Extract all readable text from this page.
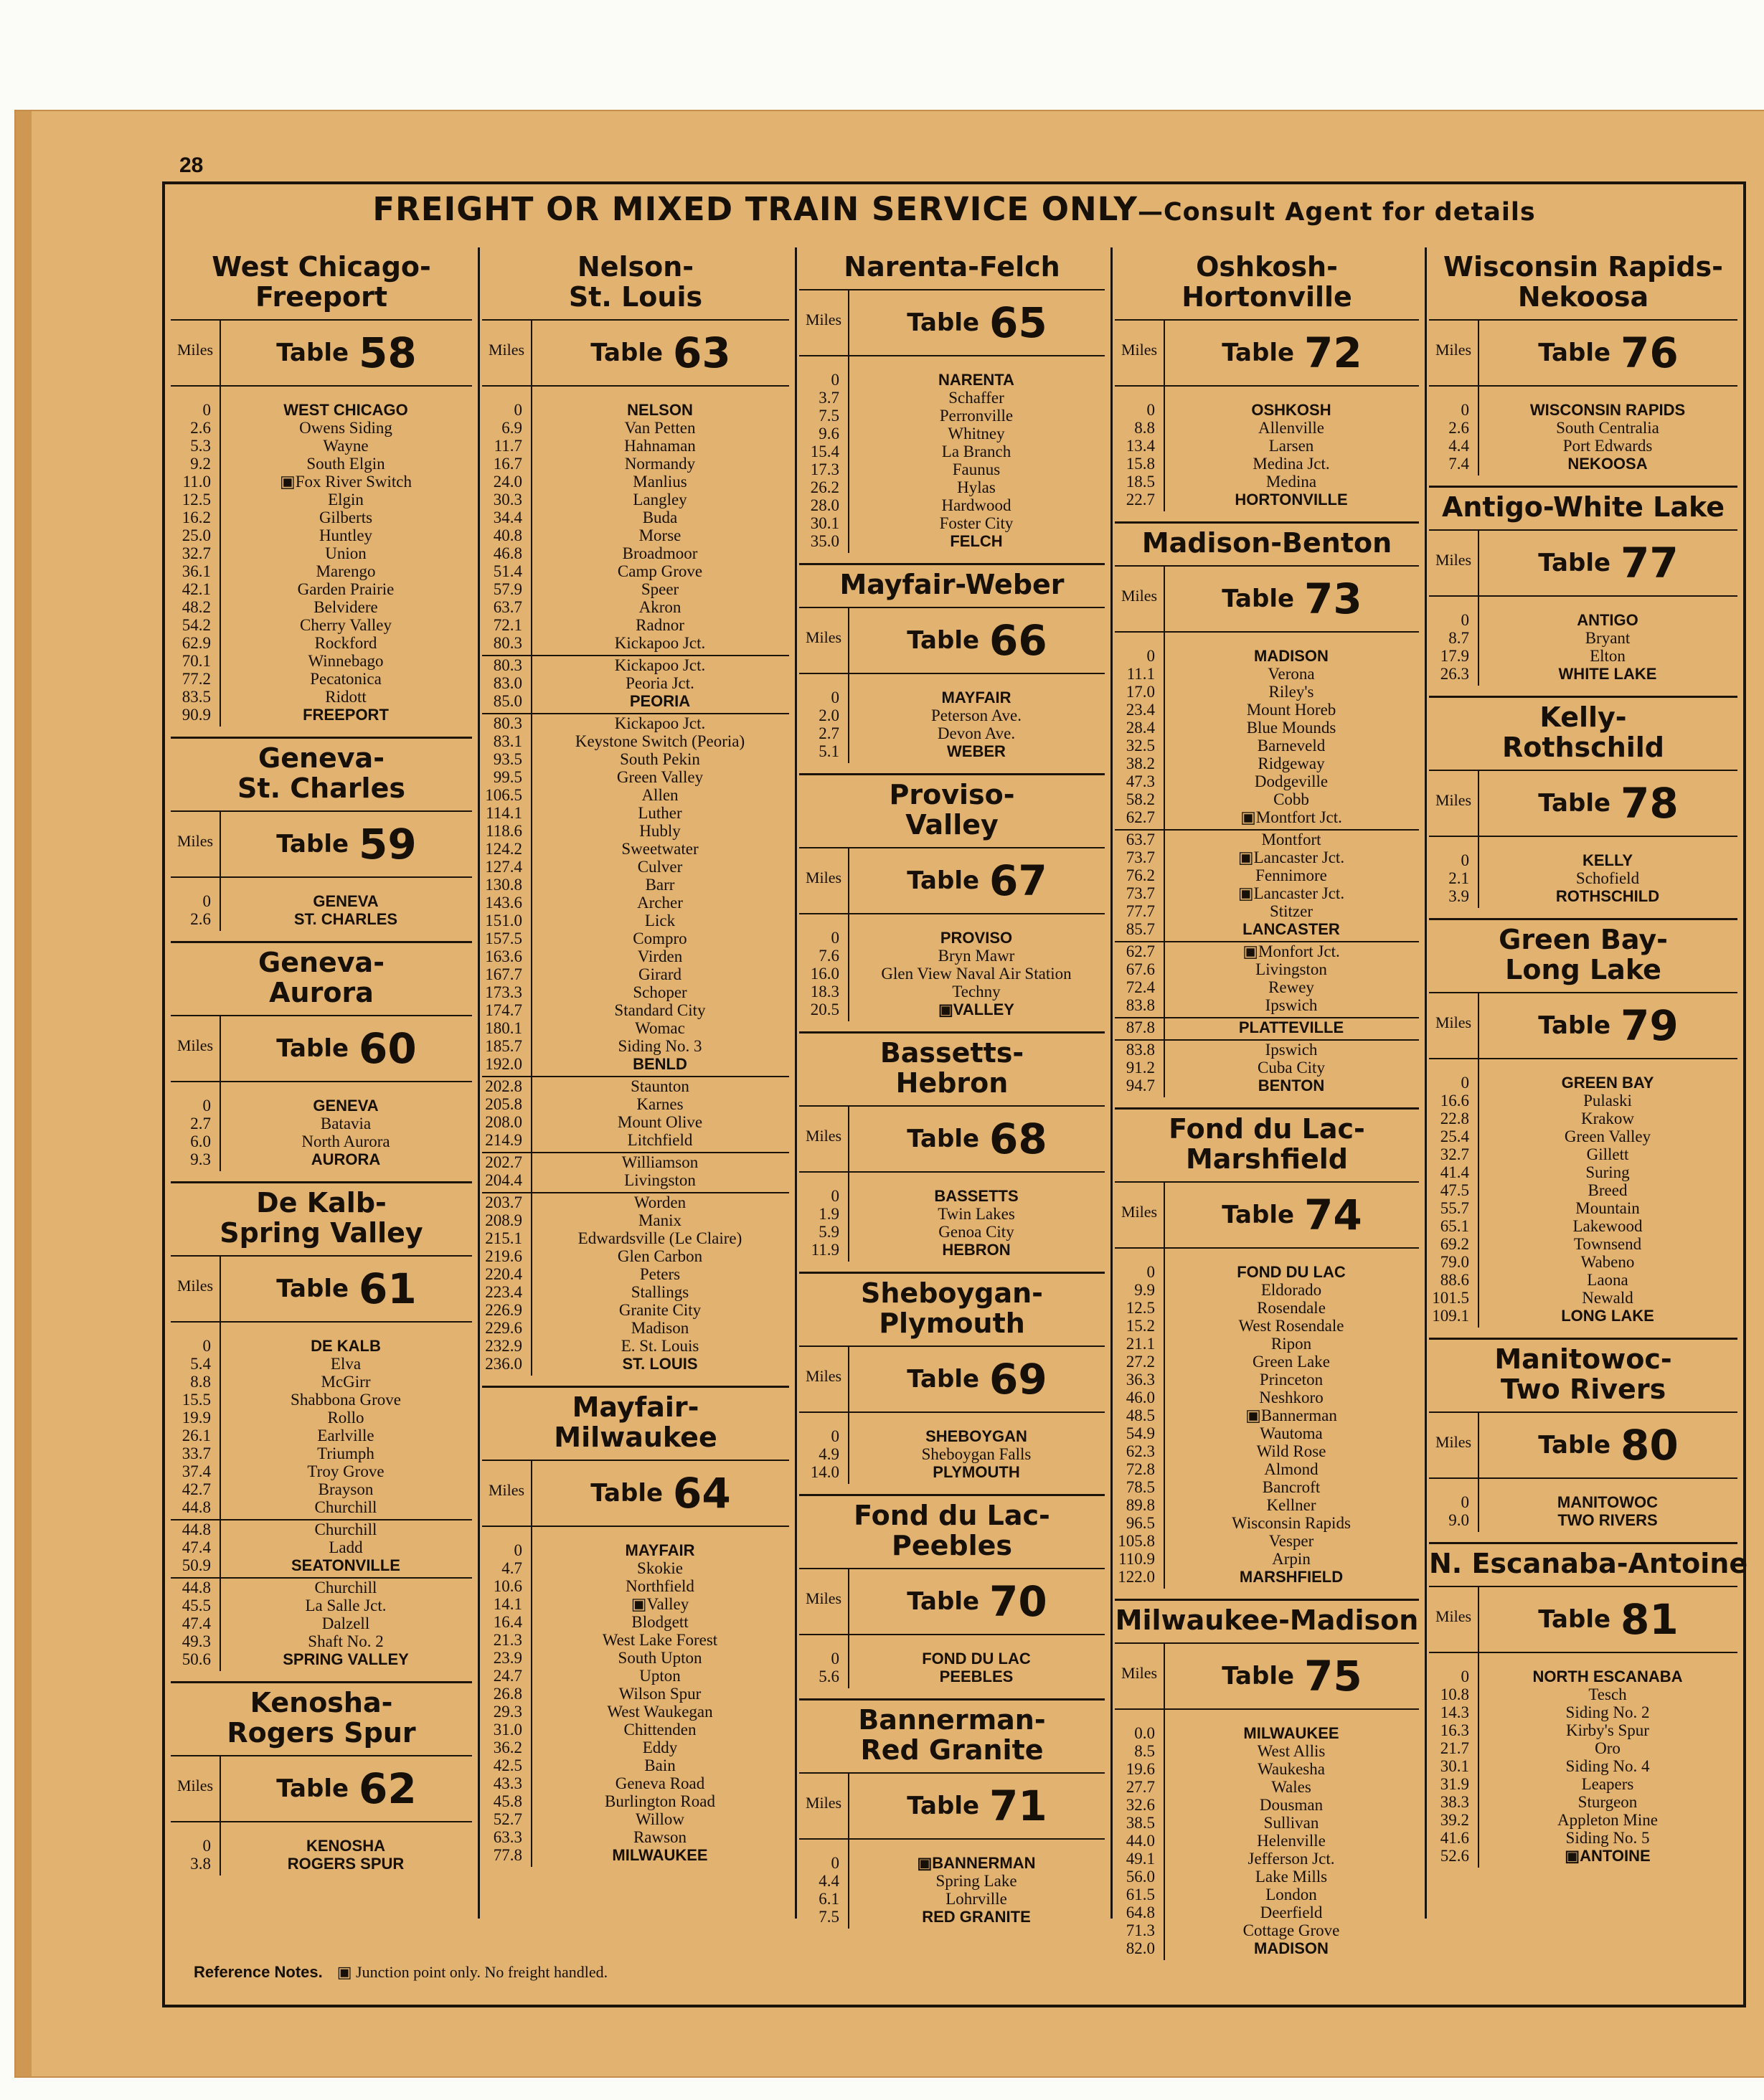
28
FREIGHT OR MIXED TRAIN SERVICE ONLY—Consult Agent for details
West Chicago-
Freeport
Miles	Table 58
0	WEST CHICAGO
2.6	Owens Siding
5.3	Wayne
9.2	South Elgin
11.0	▣Fox River Switch
12.5	Elgin
16.2	Gilberts
25.0	Huntley
32.7	Union
36.1	Marengo
42.1	Garden Prairie
48.2	Belvidere
54.2	Cherry Valley
62.9	Rockford
70.1	Winnebago
77.2	Pecatonica
83.5	Ridott
90.9	FREEPORT
Geneva-
St. Charles
Miles	Table 59
0	GENEVA
2.6	ST. CHARLES
Geneva-
Aurora
Miles	Table 60
0	GENEVA
2.7	Batavia
6.0	North Aurora
9.3	AURORA
De Kalb-
Spring Valley
Miles	Table 61
0	DE KALB
5.4	Elva
8.8	McGirr
15.5	Shabbona Grove
19.9	Rollo
26.1	Earlville
33.7	Triumph
37.4	Troy Grove
42.7	Brayson
44.8	Churchill
44.8	Churchill
47.4	Ladd
50.9	SEATONVILLE
44.8	Churchill
45.5	La Salle Jct.
47.4	Dalzell
49.3	Shaft No. 2
50.6	SPRING VALLEY
Kenosha-
Rogers Spur
Miles	Table 62
0	KENOSHA
3.8	ROGERS SPUR
Nelson-
St. Louis
Miles	Table 63
0	NELSON
6.9	Van Petten
11.7	Hahnaman
16.7	Normandy
24.0	Manlius
30.3	Langley
34.4	Buda
40.8	Morse
46.8	Broadmoor
51.4	Camp Grove
57.9	Speer
63.7	Akron
72.1	Radnor
80.3	Kickapoo Jct.
80.3	Kickapoo Jct.
83.0	Peoria Jct.
85.0	PEORIA
80.3	Kickapoo Jct.
83.1	Keystone Switch (Peoria)
93.5	South Pekin
99.5	Green Valley
106.5	Allen
114.1	Luther
118.6	Hubly
124.2	Sweetwater
127.4	Culver
130.8	Barr
143.6	Archer
151.0	Lick
157.5	Compro
163.6	Virden
167.7	Girard
173.3	Schoper
174.7	Standard City
180.1	Womac
185.7	Siding No. 3
192.0	BENLD
202.8	Staunton
205.8	Karnes
208.0	Mount Olive
214.9	Litchfield
202.7	Williamson
204.4	Livingston
203.7	Worden
208.9	Manix
215.1	Edwardsville (Le Claire)
219.6	Glen Carbon
220.4	Peters
223.4	Stallings
226.9	Granite City
229.6	Madison
232.9	E. St. Louis
236.0	ST. LOUIS
Mayfair-
Milwaukee
Miles	Table 64
0	MAYFAIR
4.7	Skokie
10.6	Northfield
14.1	▣Valley
16.4	Blodgett
21.3	West Lake Forest
23.9	South Upton
24.7	Upton
26.8	Wilson Spur
29.3	West Waukegan
31.0	Chittenden
36.2	Eddy
42.5	Bain
43.3	Geneva Road
45.8	Burlington Road
52.7	Willow
63.3	Rawson
77.8	MILWAUKEE
Narenta-Felch
Miles	Table 65
0	NARENTA
3.7	Schaffer
7.5	Perronville
9.6	Whitney
15.4	La Branch
17.3	Faunus
26.2	Hylas
28.0	Hardwood
30.1	Foster City
35.0	FELCH
Mayfair-Weber
Miles	Table 66
0	MAYFAIR
2.0	Peterson Ave.
2.7	Devon Ave.
5.1	WEBER
Proviso-
Valley
Miles	Table 67
0	PROVISO
7.6	Bryn Mawr
16.0	Glen View Naval Air Station
18.3	Techny
20.5	▣VALLEY
Bassetts-
Hebron
Miles	Table 68
0	BASSETTS
1.9	Twin Lakes
5.9	Genoa City
11.9	HEBRON
Sheboygan-
Plymouth
Miles	Table 69
0	SHEBOYGAN
4.9	Sheboygan Falls
14.0	PLYMOUTH
Fond du Lac-
Peebles
Miles	Table 70
0	FOND DU LAC
5.6	PEEBLES
Bannerman-
Red Granite
Miles	Table 71
0	▣BANNERMAN
4.4	Spring Lake
6.1	Lohrville
7.5	RED GRANITE
Oshkosh-
Hortonville
Miles	Table 72
0	OSHKOSH
8.8	Allenville
13.4	Larsen
15.8	Medina Jct.
18.5	Medina
22.7	HORTONVILLE
Madison-Benton
Miles	Table 73
0	MADISON
11.1	Verona
17.0	Riley's
23.4	Mount Horeb
28.4	Blue Mounds
32.5	Barneveld
38.2	Ridgeway
47.3	Dodgeville
58.2	Cobb
62.7	▣Montfort Jct.
63.7	Montfort
73.7	▣Lancaster Jct.
76.2	Fennimore
73.7	▣Lancaster Jct.
77.7	Stitzer
85.7	LANCASTER
62.7	▣Monfort Jct.
67.6	Livingston
72.4	Rewey
83.8	Ipswich
87.8	PLATTEVILLE
83.8	Ipswich
91.2	Cuba City
94.7	BENTON
Fond du Lac-
Marshfield
Miles	Table 74
0	FOND DU LAC
9.9	Eldorado
12.5	Rosendale
15.2	West Rosendale
21.1	Ripon
27.2	Green Lake
36.3	Princeton
46.0	Neshkoro
48.5	▣Bannerman
54.9	Wautoma
62.3	Wild Rose
72.8	Almond
78.5	Bancroft
89.8	Kellner
96.5	Wisconsin Rapids
105.8	Vesper
110.9	Arpin
122.0	MARSHFIELD
Milwaukee-Madison
Miles	Table 75
0.0	MILWAUKEE
8.5	West Allis
19.6	Waukesha
27.7	Wales
32.6	Dousman
38.5	Sullivan
44.0	Helenville
49.1	Jefferson Jct.
56.0	Lake Mills
61.5	London
64.8	Deerfield
71.3	Cottage Grove
82.0	MADISON
Wisconsin Rapids-
Nekoosa
Miles	Table 76
0	WISCONSIN RAPIDS
2.6	South Centralia
4.4	Port Edwards
7.4	NEKOOSA
Antigo-White Lake
Miles	Table 77
0	ANTIGO
8.7	Bryant
17.9	Elton
26.3	WHITE LAKE
Kelly-
Rothschild
Miles	Table 78
0	KELLY
2.1	Schofield
3.9	ROTHSCHILD
Green Bay-
Long Lake
Miles	Table 79
0	GREEN BAY
16.6	Pulaski
22.8	Krakow
25.4	Green Valley
32.7	Gillett
41.4	Suring
47.5	Breed
55.7	Mountain
65.1	Lakewood
69.2	Townsend
79.0	Wabeno
88.6	Laona
101.5	Newald
109.1	LONG LAKE
Manitowoc-
Two Rivers
Miles	Table 80
0	MANITOWOC
9.0	TWO RIVERS
N. Escanaba-Antoine
Miles	Table 81
0	NORTH ESCANABA
10.8	Tesch
14.3	Siding No. 2
16.3	Kirby's Spur
21.7	Oro
30.1	Siding No. 4
31.9	Leapers
38.3	Sturgeon
39.2	Appleton Mine
41.6	Siding No. 5
52.6	▣ANTOINE
Reference Notes. ▣ Junction point only. No freight handled.
